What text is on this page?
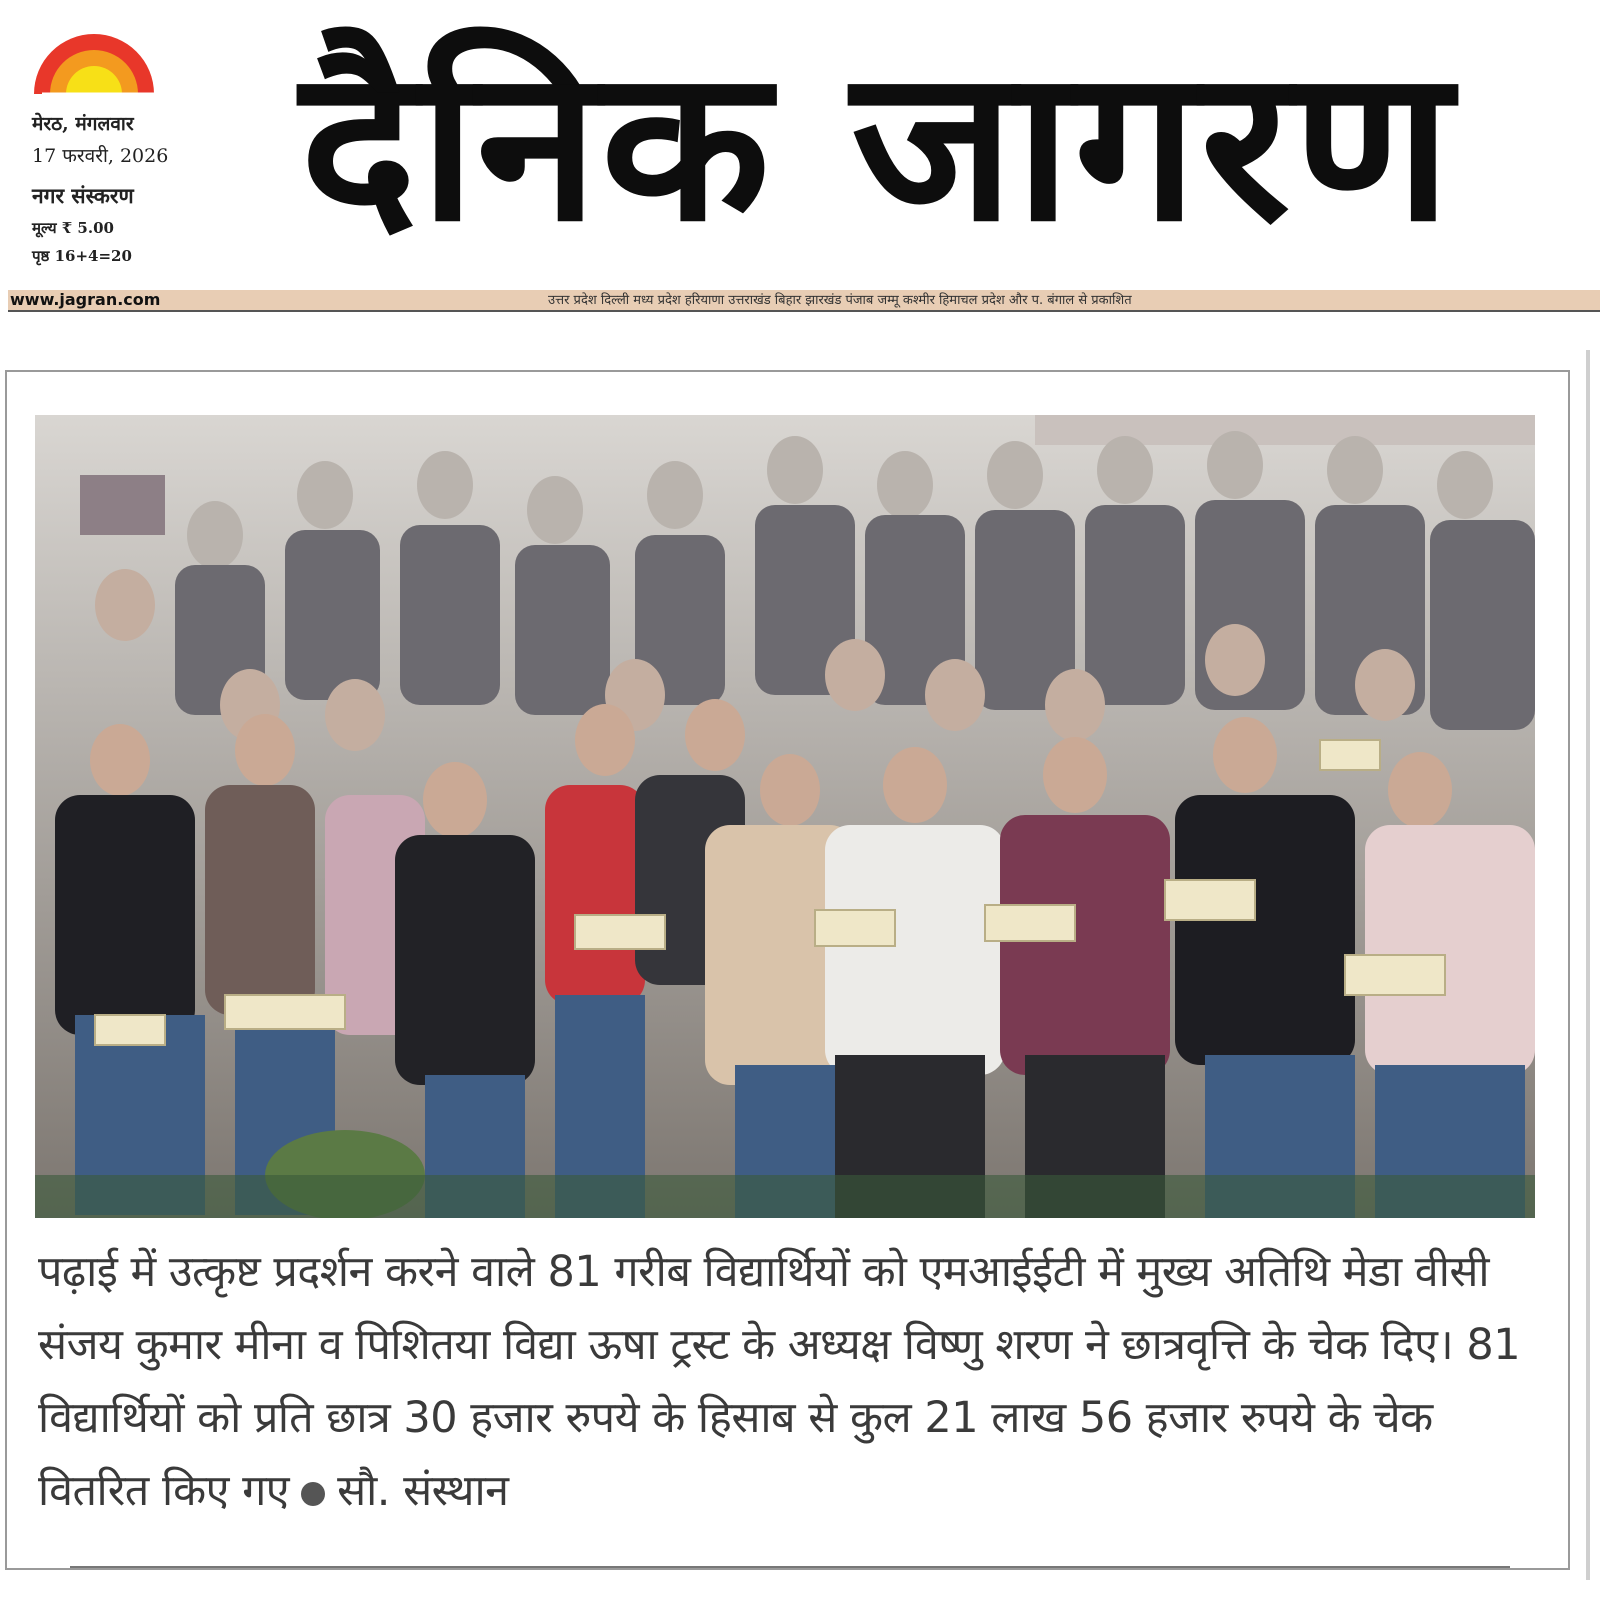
मेरठ, मंगलवार
17 फरवरी, 2026
नगर संस्करण
मूल्य ₹ 5.00
पृष्ठ 16+4=20 दैनिक जागरण
www.jagran.com	उत्तर प्रदेश दिल्ली मध्य प्रदेश हरियाणा उत्तराखंड बिहार झारखंड पंजाब जम्मू कश्मीर हिमाचल प्रदेश और प. बंगाल से प्रकाशित
पढ़ाई में उत्कृष्ट प्रदर्शन करने वाले 81 गरीब विद्यार्थियों को एमआईईटी में मुख्य अतिथि मेडा वीसी संजय कुमार मीना व पिशितया विद्या ऊषा ट्रस्ट के अध्यक्ष विष्णु शरण ने छात्रवृत्ति के चेक दिए। 81 विद्यार्थियों को प्रति छात्र 30 हजार रुपये के हिसाब से कुल 21 लाख 56 हजार रुपये के चेक वितरित किए गए सौ. संस्थान
